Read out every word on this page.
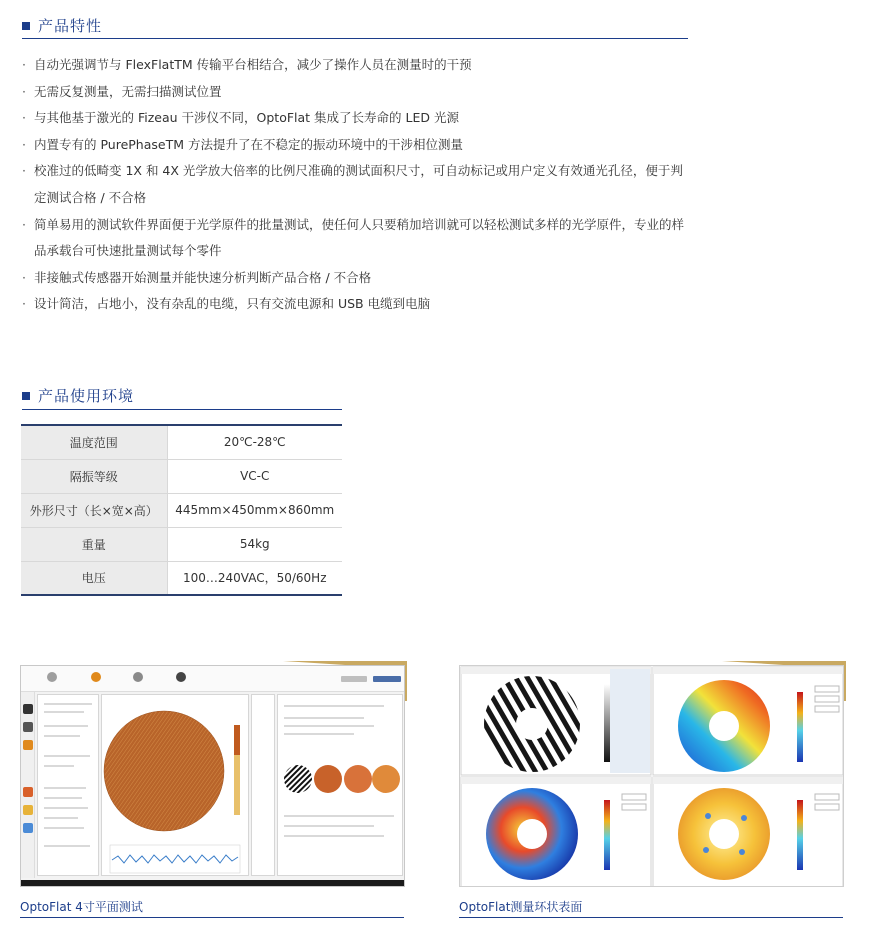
产品特性
· 自动光强调节与 FlexFlatTM 传输平台相结合，减少了操作人员在测量时的干预
· 无需反复测量，无需扫描测试位置
· 与其他基于激光的 Fizeau 干涉仪不同，OptoFlat 集成了长寿命的 LED 光源
· 内置专有的 PurePhaseTM 方法提升了在不稳定的振动环境中的干涉相位测量
· 校准过的低畸变 1X 和 4X 光学放大倍率的比例尺准确的测试面积尺寸，可自动标记或用户定义有效通光孔径，便于判定测试合格 / 不合格
· 简单易用的测试软件界面便于光学原件的批量测试，使任何人只要稍加培训就可以轻松测试多样的光学原件，专业的样品承载台可快速批量测试每个零件
· 非接触式传感器开始测量并能快速分析判断产品合格 / 不合格
· 设计简洁，占地小，没有杂乱的电缆，只有交流电源和 USB 电缆到电脑
产品使用环境
温度范围	20℃-28℃
隔振等级	VC-C
外形尺寸（长×宽×高）	445mm×450mm×860mm
重量	54kg
电压	100…240VAC，50/60Hz
OptoFlat 4寸平面测试	OptoFlat测量环状表面
